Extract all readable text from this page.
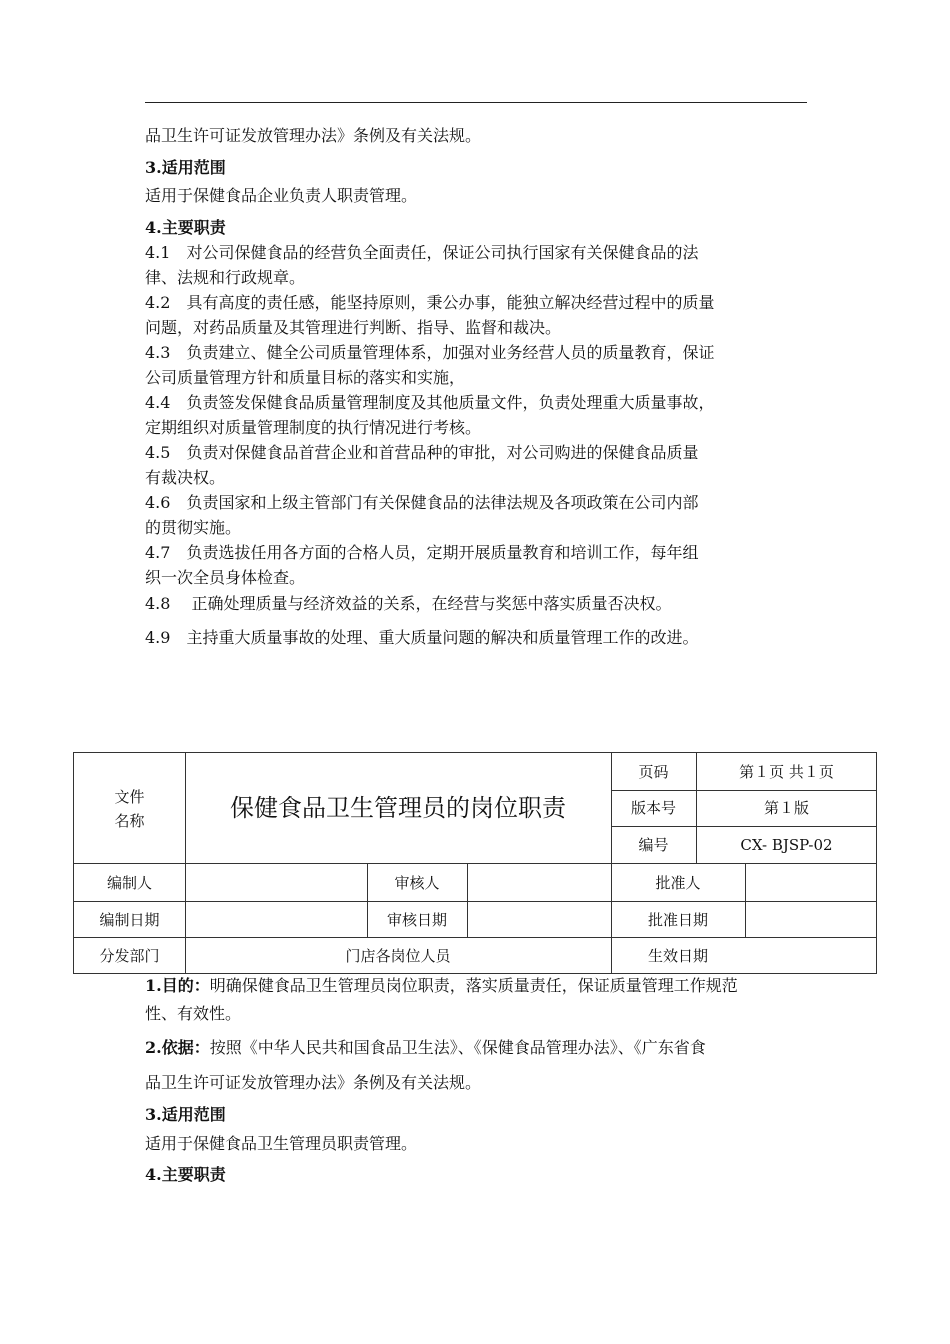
品卫生许可证发放管理办法》条例及有关法规。
3.适用范围
适用于保健食品企业负责人职责管理。
4.主要职责
4.1　对公司保健食品的经营负全面责任，保证公司执行国家有关保健食品的法
律、法规和行政规章。
4.2　具有高度的责任感，能坚持原则，秉公办事，能独立解决经营过程中的质量
问题，对药品质量及其管理进行判断、指导、监督和裁决。
4.3　负责建立、健全公司质量管理体系，加强对业务经营人员的质量教育，保证
公司质量管理方针和质量目标的落实和实施，
4.4　负责签发保健食品质量管理制度及其他质量文件，负责处理重大质量事故，
定期组织对质量管理制度的执行情况进行考核。
4.5　负责对保健食品首营企业和首营品种的审批，对公司购进的保健食品质量
有裁决权。
4.6　负责国家和上级主管部门有关保健食品的法律法规及各项政策在公司内部
的贯彻实施。
4.7　负责选拔任用各方面的合格人员，定期开展质量教育和培训工作，每年组
织一次全员身体检查。
4.8　 正确处理质量与经济效益的关系，在经营与奖惩中落实质量否决权。
4.9　主持重大质量事故的处理、重大质量问题的解决和质量管理工作的改进。
文件
名称	保健食品卫生管理员的岗位职责
页码	第１页 共１页
版本号	第１版
编号	CX- BJSP-02
编制人	审核人	批准人
编制日期	审核日期	批准日期
分发部门	门店各岗位人员	生效日期
1.目的：明确保健食品卫生管理员岗位职责，落实质量责任，保证质量管理工作规范
性、有效性。
2.依据：按照《中华人民共和国食品卫生法》、《保健食品管理办法》、《广东省食
品卫生许可证发放管理办法》条例及有关法规。
3.适用范围
适用于保健食品卫生管理员职责管理。
4.主要职责
